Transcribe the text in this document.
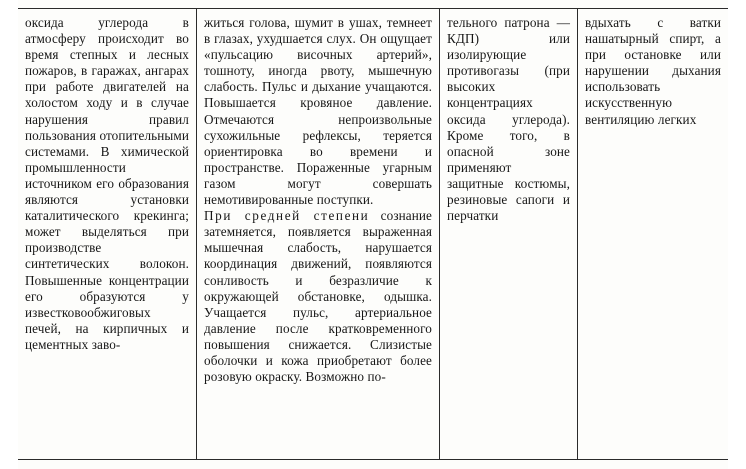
оксида углерода в атмосферу происходит во время степных и лесных пожаров, в гаражах, ангарах при работе двигателей на холостом ходу и в случае нарушения правил пользования отопительными системами. В химической промышленности источником его образования являются установки каталитического крекинга; может выделяться при производстве синтетических волокон. Повышенные концентрации его образуются у известковообжиговых печей, на кирпичных и цементных заво-

житься голова, шумит в ушах, темнеет в глазах, ухудшается слух. Он ощущает «пульсацию височных артерий», тошноту, иногда рвоту, мышечную слабость. Пульс и дыхание учащаются. Повышается кровяное давление. Отмечаются непроизвольные сухожильные рефлексы, теряется ориентировка во времени и пространстве. Пораженные угарным газом могут совершать немотивированные поступки.

При средней степени сознание затемняется, появляется выраженная мышечная слабость, нарушается координация движений, появляются сонливость и безразличие к окружающей обстановке, одышка. Учащается пульс, артериальное давление после кратковременного повышения снижается. Слизистые оболочки и кожа приобретают более розовую окраску. Возможно по-

тельного патрона — КДП) или изолирующие противогазы (при высоких концентрациях оксида углерода). Кроме того, в опасной зоне применяют защитные костюмы, резиновые сапоги и перчатки

вдыхать с ватки нашатырный спирт, а при остановке или нарушении дыхания использовать искусственную вентиляцию легких
